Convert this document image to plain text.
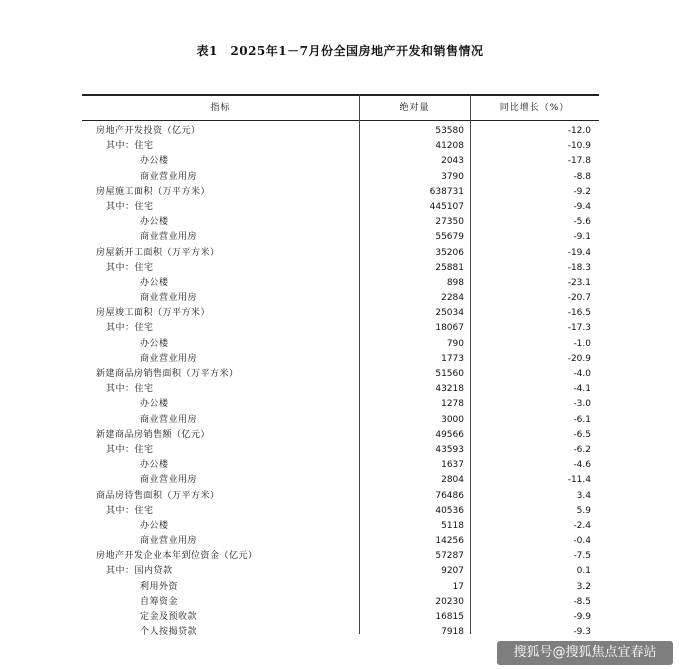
表1　2025年1－7月份全国房地产开发和销售情况
指标	绝对量	同比增长（%）
房地产开发投资（亿元）	53580	-12.0
其中：住宅	41208	-10.9
办公楼	2043	-17.8
商业营业用房	3790	-8.8
房屋施工面积（万平方米）	638731	-9.2
其中：住宅	445107	-9.4
办公楼	27350	-5.6
商业营业用房	55679	-9.1
房屋新开工面积（万平方米）	35206	-19.4
其中：住宅	25881	-18.3
办公楼	898	-23.1
商业营业用房	2284	-20.7
房屋竣工面积（万平方米）	25034	-16.5
其中：住宅	18067	-17.3
办公楼	790	-1.0
商业营业用房	1773	-20.9
新建商品房销售面积（万平方米）	51560	-4.0
其中：住宅	43218	-4.1
办公楼	1278	-3.0
商业营业用房	3000	-6.1
新建商品房销售额（亿元）	49566	-6.5
其中：住宅	43593	-6.2
办公楼	1637	-4.6
商业营业用房	2804	-11.4
商品房待售面积（万平方米）	76486	3.4
其中：住宅	40536	5.9
办公楼	5118	-2.4
商业营业用房	14256	-0.4
房地产开发企业本年到位资金（亿元）	57287	-7.5
其中：国内贷款	9207	0.1
利用外资	17	3.2
自筹资金	20230	-8.5
定金及预收款	16815	-9.9
个人按揭贷款	7918	-9.3
搜狐号@搜狐焦点宜春站
